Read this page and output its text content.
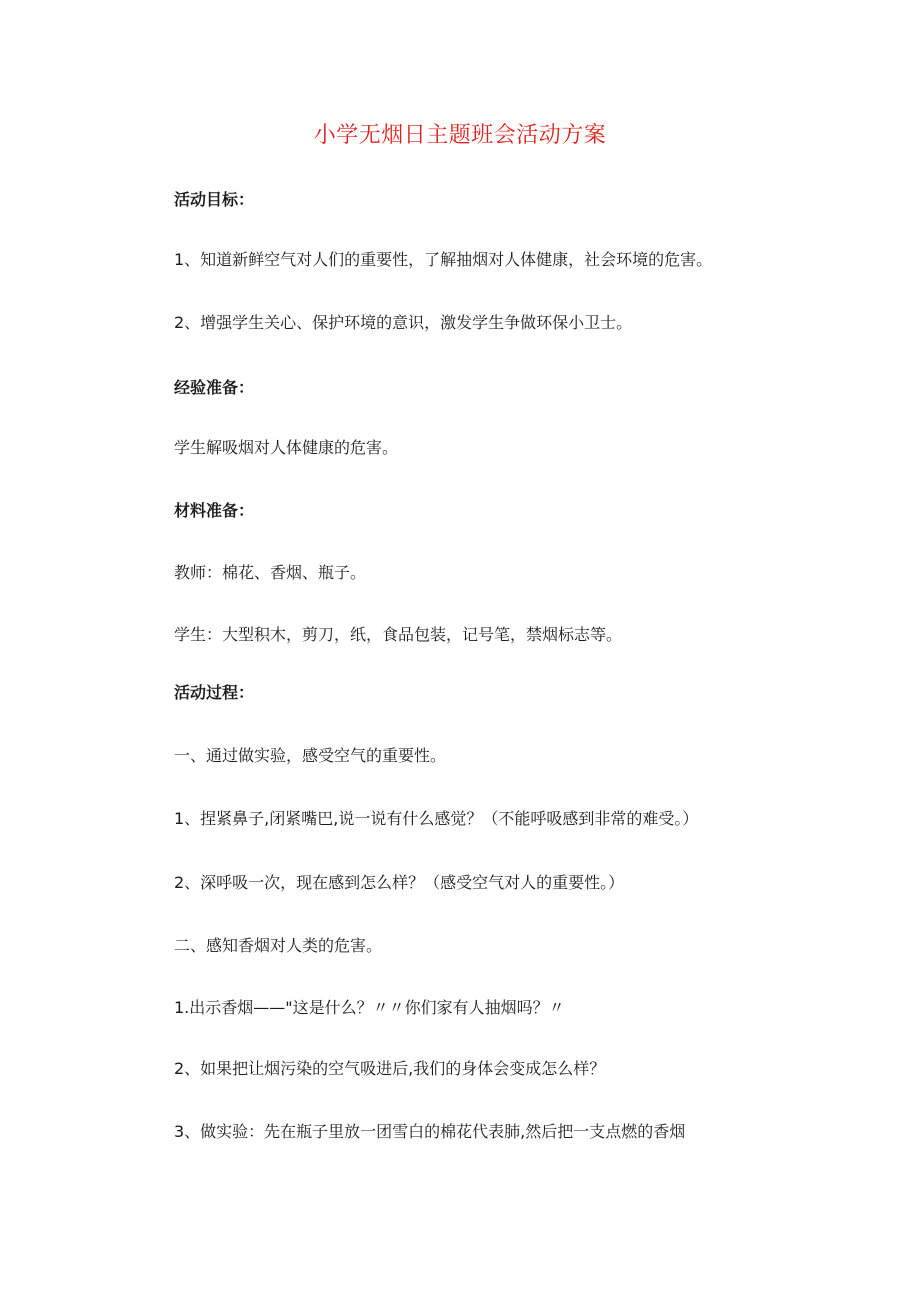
小学无烟日主题班会活动方案
活动目标：
1、知道新鲜空气对人们的重要性，了解抽烟对人体健康，社会环境的危害。
2、增强学生关心、保护环境的意识，激发学生争做环保小卫士。
经验准备：
学生解吸烟对人体健康的危害。
材料准备：
教师：棉花、香烟、瓶子。
学生：大型积木，剪刀，纸，食品包装，记号笔，禁烟标志等。
活动过程：
一、通过做实验，感受空气的重要性。
1、捏紧鼻子,闭紧嘴巴,说一说有什么感觉？（不能呼吸感到非常的难受。）
2、深呼吸一次，现在感到怎么样？（感受空气对人的重要性。）
二、感知香烟对人类的危害。
1.出示香烟——"这是什么？〃〃你们家有人抽烟吗？〃
2、如果把让烟污染的空气吸进后,我们的身体会变成怎么样？
3、做实验：先在瓶子里放一团雪白的棉花代表肺,然后把一支点燃的香烟
